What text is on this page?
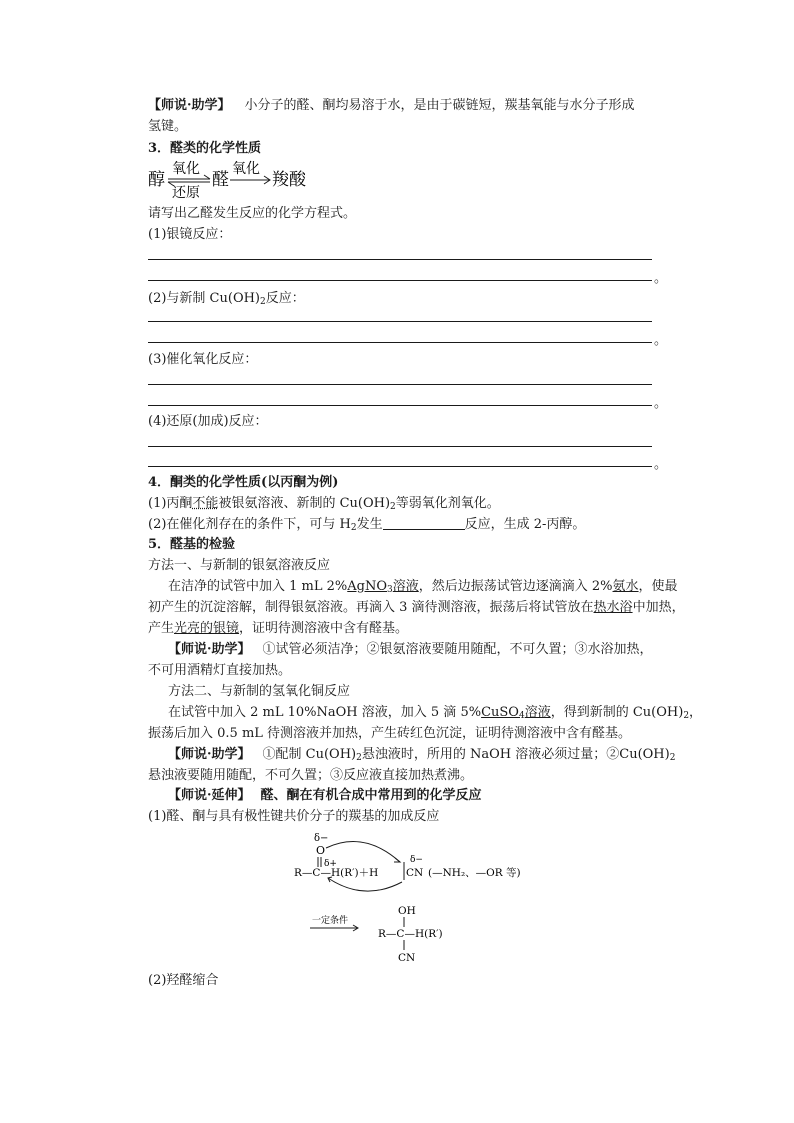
【师说·助学】 小分子的醛、酮均易溶于水，是由于碳链短，羰基氧能与水分子形成
氢键。
3．醛类的化学性质
醇
氧化
还原
醛
氧化
羧酸
请写出乙醛发生反应的化学方程式。
(1)银镜反应：
。
(2)与新制 $Cu(OH)_2$反应：
。
(3)催化氧化反应：
。
(4)还原(加成)反应：
。
4．酮类的化学性质(以丙酮为例)
(1)丙酮不能被银氨溶液、新制的 $Cu(OH)_2$等弱氧化剂氧化。
(2)在催化剂存在的条件下，可与 $H_2$发生	反应，生成 2-丙醇。
5．醛基的检验
方法一、与新制的银氨溶液反应
在洁净的试管中加入 1 mL 2%AgNO$_3$溶液，然后边振荡试管边逐滴滴入 2%氨水，使最
初产生的沉淀溶解，制得银氨溶液。再滴入 3 滴待测溶液，振荡后将试管放在热水浴中加热，
产生光亮的银镜，证明待测溶液中含有醛基。
【师说·助学】 ①试管必须洁净；②银氨溶液要随用随配，不可久置；③水浴加热，
不可用酒精灯直接加热。
方法二、与新制的氢氧化铜反应
在试管中加入 2 mL 10%NaOH 溶液，加入 5 滴 5%CuSO$_4$溶液，得到新制的 $Cu(OH)_2$，
振荡后加入 0.5 mL 待测溶液并加热，产生砖红色沉淀，证明待测溶液中含有醛基。
【师说·助学】 ①配制 $Cu(OH)_2$悬浊液时，所用的 NaOH 溶液必须过量；$②Cu(OH)_2$
悬浊液要随用随配，不可久置；③反应液直接加热煮沸。
【师说·延伸】 醛、酮在有机合成中常用到的化学反应
(1)醛、酮与具有极性键共价分子的羰基的加成反应
δ−
O
δ+
R—C—H(R′)＋H	CN
δ−
(—NH₂、—OR 等)
一定条件
OH
R—C—H(R′)
CN
(2)羟醛缩合
